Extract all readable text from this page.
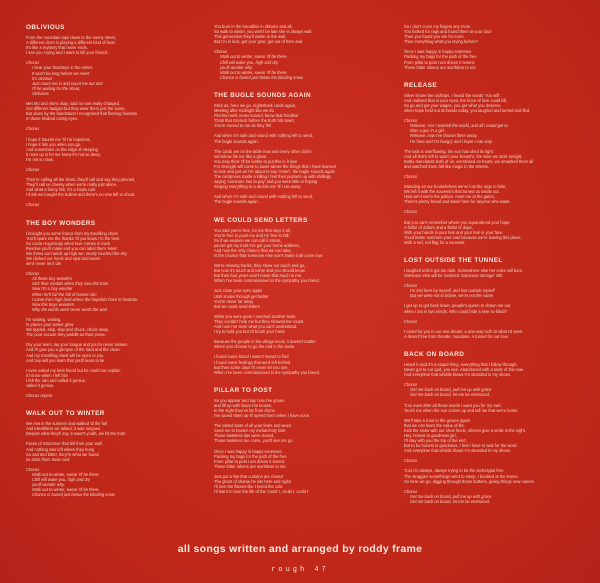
OBLIVIOUS
From the mountain tops down to the sunny street,
A different drum is playing a different kind of beat.
It's like a mystery that never ends,
I see you crying and I want to kill your friends.
Chorus
I hear your footsteps in the street,
It won't be long before we meet.
It's obvious
Just count me in and count me out and
I'll be waiting for the shout,
Oblivious
Met Mo and she's okay, said no-one really changed,
Got different badges but they wear them just the same.
But down by the bandstand I recognised that flaming fountain
In those kindred caring eyes.
Chorus
I hope it haunts me 'til I'm hopeless,
I hope it hits you when you go,
And sometimes on the edge of sleeping
It rises up to let me know it's not so deep,
I'm not so slow.
Chorus
They're calling all the shots, they'll call and say they phoned,
They'll call us cheeky when we're really just alone,
And what a funny fish, it's a kinda cute
I think we bought the bullets and there's no-one left to shoot.
Chorus
THE BOY WONDERS
I brought you some francs from my travelling chest
You'll spare me the thanks 'til you know I'm the best
So come Hogmanay when love comes in truck
Resolve you'll make and you can label them 'Here'
We threw our hands up high we, nearly touched the sky
We clicked our heels and spat and swore
we'd never let it die
Chorus
All those boy wonders
Sick their medals when they saw this train
Now I'm a boy wonder
When he'll fail the fall of honest rain
I came from high land where the hopefuls have to hesitate.
Now this boys wonders
Why the words were never worth the wait
I'm waiting, waiting,
In places your power glow
We tippled, slap, slap and chuck, chuck away
The poor excuse they peddle as their prose.
Dry your tears, lay your tongue and you're never sixteen
And I'll give you a glimpse of the hard and the clean
And my travelling chest will be open to you
And boy will you learn that you'll learn to lie
I even asked my best friend but he could not explain
It hit me when I left him
I felt the rain and called it genius,
called it genius.
Chorus repeat
WALK OUT TO WINTER
We met in the summer and walked 'til the fall
And breathless we talked, it was tongues.
Despite what they'll say, it wasn't youth, we hit the truth
Faces of Strummer that fell from your wall
And nothing was left where they hung
So sad and bitter, they're what we found
so drink them down and
Chorus
Walk out to winter, swear I'll be there.
Chill will wake you, high and dry
you'll wonder why.
Walk out to winter, swear I'll be there.
Chance is buried just below the blinding snow
You burn in the breadline in ribbons and all,
So walk to winter, you won't be late she is always wait
This generation they'll waste to the wall,
But I'm in luck, get your gear, get out of here and
Chorus
Walk out to winter, swear I'll be there.
Chill will wake you, high and dry
you'll wonder why.
Walk out to winter, swear I'll be there.
Chance is buried just below the blinding snow.
THE BUGLE SOUNDS AGAIN
Stick as, here we go, nightshack cards again,
Meeting after midnight like we do
Fleshed well, never scared, know that frontline
'Grab that Gretsch before the truth hits town',
You're moved to me as they fell
And when I'm safe and sound with nothing left to send,
The bugle sounds again.
The cards are on the table now and every other cliche
somehow fits me like a glove.
You may think I'll be loathe to put this in it love
For strength will come to lower above the things that I have learned
to love and just as I'm about to say 'Amen', the bugle sounds again
The campness made a killing I feel their pockets up with shillings
saying 'someone has to pay' and you were little in hoping
Singing everything to a decide me 'til I ran away.
And when I'm safe and sound with nothing left to send,
The bugle sounds again.
WE COULD SEND LETTERS
You said you're free, for me that says it all,
You're free to push me and I'm free to fall.
So if we weaken we can call it stress,
you've got my trust I've got your home address,
And now the only chance that we can take,
Is the chance that someone else won't make it all come true.
We're missing tracks, they show our touch and go,
But now it's touch and come and you should know.
But then four years won't mean that much to me,
When I've been commissioned in the sympathy you breed.
Just close your eyes again
Until smiles through get better
You're never far away
But we could send letters
While you were gone I reached another town,
They couldn't help me but they showed me round.
And now I've seen what you can't understand,
I try to hold you but I'll brush your hand.
Because the people in the village know, it doesn't matter
where you choose to go the end is the same.
I found some blood I wasn't meant to find
I found some feelings that we'd left behind
But then some days I'll never let you see,
When I've been commissioned in the sympathy you breed.
PILLAR TO POST
So you appear and say how I've grown
and fill up with faces I've known.
In the sight they've far from drone
I've saved them up I'll spend them when I have none.
The tasted taste of all your fears and woes
Send me to hasten my melancholy lose
Those tasteless tips were closed,
Those tasteless me come, you'll see me go.
Once I was happy in happy excesses
Packing my bags for the path of the free
From pillar to post I am driven it seems
These bitter tokens are worthless to me
Just put a line that curtains are closed
The ghost of shame he sits here and sighs
I'll love the flames like I loved the cold
I'll learn to love the life of the 'could I, could I, could I'
So I don't cross my fingers any more
You looked for rags and found them at your door
Then you found you are for more
Then everything what you crying before?
Once I was happy in happy extremes
Packing my bags for the path of the free
From pillar to post I am driven it seems
These bitter tokens are worthless to me
RELEASE
Silver shone the rooftops, I heard the words 'You will',
And realised that in your eyes, the force of love could kill.
So go and get your wages, you get what you deserve,
when hope held out its hands today, you laughed and turned and fled.
Chorus
Release, 'cos I wanted the world, and all I could get to
Was a gun in a girl.
Release, now I've thrown them away,
I'm here and I'm hungry and I hope I can stay.
The lock is overflowing, the sun has shed its light
And all that's left to warm your breast's, the wine we stole tonight.
Bottle merchants both of us, overdosed on Keats, we smashed them all
and watched them fall like magic in the streets.
Chorus
Standing on our bookshelves we've lost the urge to hide,
We left it with the souvenirs that turned us inside out.
How we'd storm the palace, meet me at the gates,
There's plenty bread and water here for anyone who waits.
Chorus
But you can't remember where you squandered your hope
A fistful of dollars and a fistful of dope,
With your hands in your hair and your hair in your face,
You'd better summon your soul because we're leaving this place,
With a red, red flag for a souvenir.
LOST OUTSIDE THE TUNNEL
I laughed until it got too dark. Somewhere else her voice will burn.
Someone else will be involved. Someone stronger still.
Chorus
I'm lost here by myself, and lost outside myself
But we were not to blame, we're not the same
I get up to get back down, people's queen to drown me out
when I am in two minds. Who could hide a love so blind?
Chorus
I cared for you in our one dream, a one-way rush to what I'd seen.
A desert free from threats, mundane. A tunnel for our love.
BACK ON BOARD
Heard it said it's a stupid thing, everything that I follow through.
Never got to our god, you see. Abandoned with a taste of the new.
And everytime that whistle blows I'm stranded in my shoes.
Chorus
Get me back on board, pull me up with grace
Get me back on board, let me be embraced.
'Cos even after all those words I want you for my own
Touch me when the sun comes up and tell me that we're home.
We'll take a train to the graves again
that we can learn the value of life.
Kick the snow with our shoe heels, shivers give a smile in the night.
Hey, honest to goodness girl,
I'll stay with you the top of the end.
But to be honest to goodness, I feel I have to wait for the word.
And everytime that whistle blows I'm stranded in my shoes.
Chorus
'Cos I'm always, always trying to be the archetypal free.
The straggler somethings went to sleep, I buckled at the knees.
So here we go, digging through those buttons, giving things new names.
Chorus
Get me back on board, pull me up with grace
Get me back on board, let me be embraced.
all songs written and arranged by roddy frame
rough 47
